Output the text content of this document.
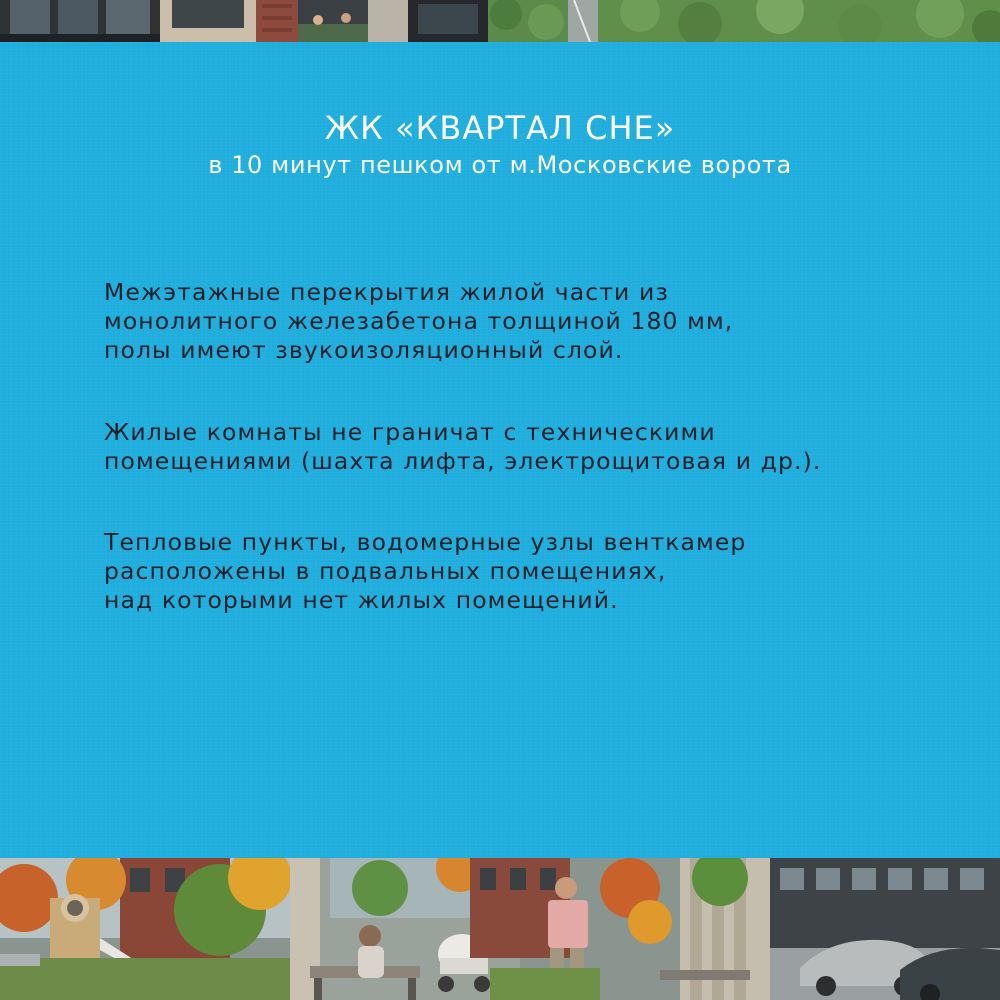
ЖК «КВАРТАЛ СНЕ»
в 10 минут пешком от м.Московские ворота

Межэтажные перекрытия жилой части из
монолитного железабетона толщиной 180 мм,
полы имеют звукоизоляционный слой.

Жилые комнаты не граничат с техническими
помещениями (шахта лифта, электрощитовая и др.).

Тепловые пункты, водомерные узлы венткамер
расположены в подвальных помещениях,
над которыми нет жилых помещений.
